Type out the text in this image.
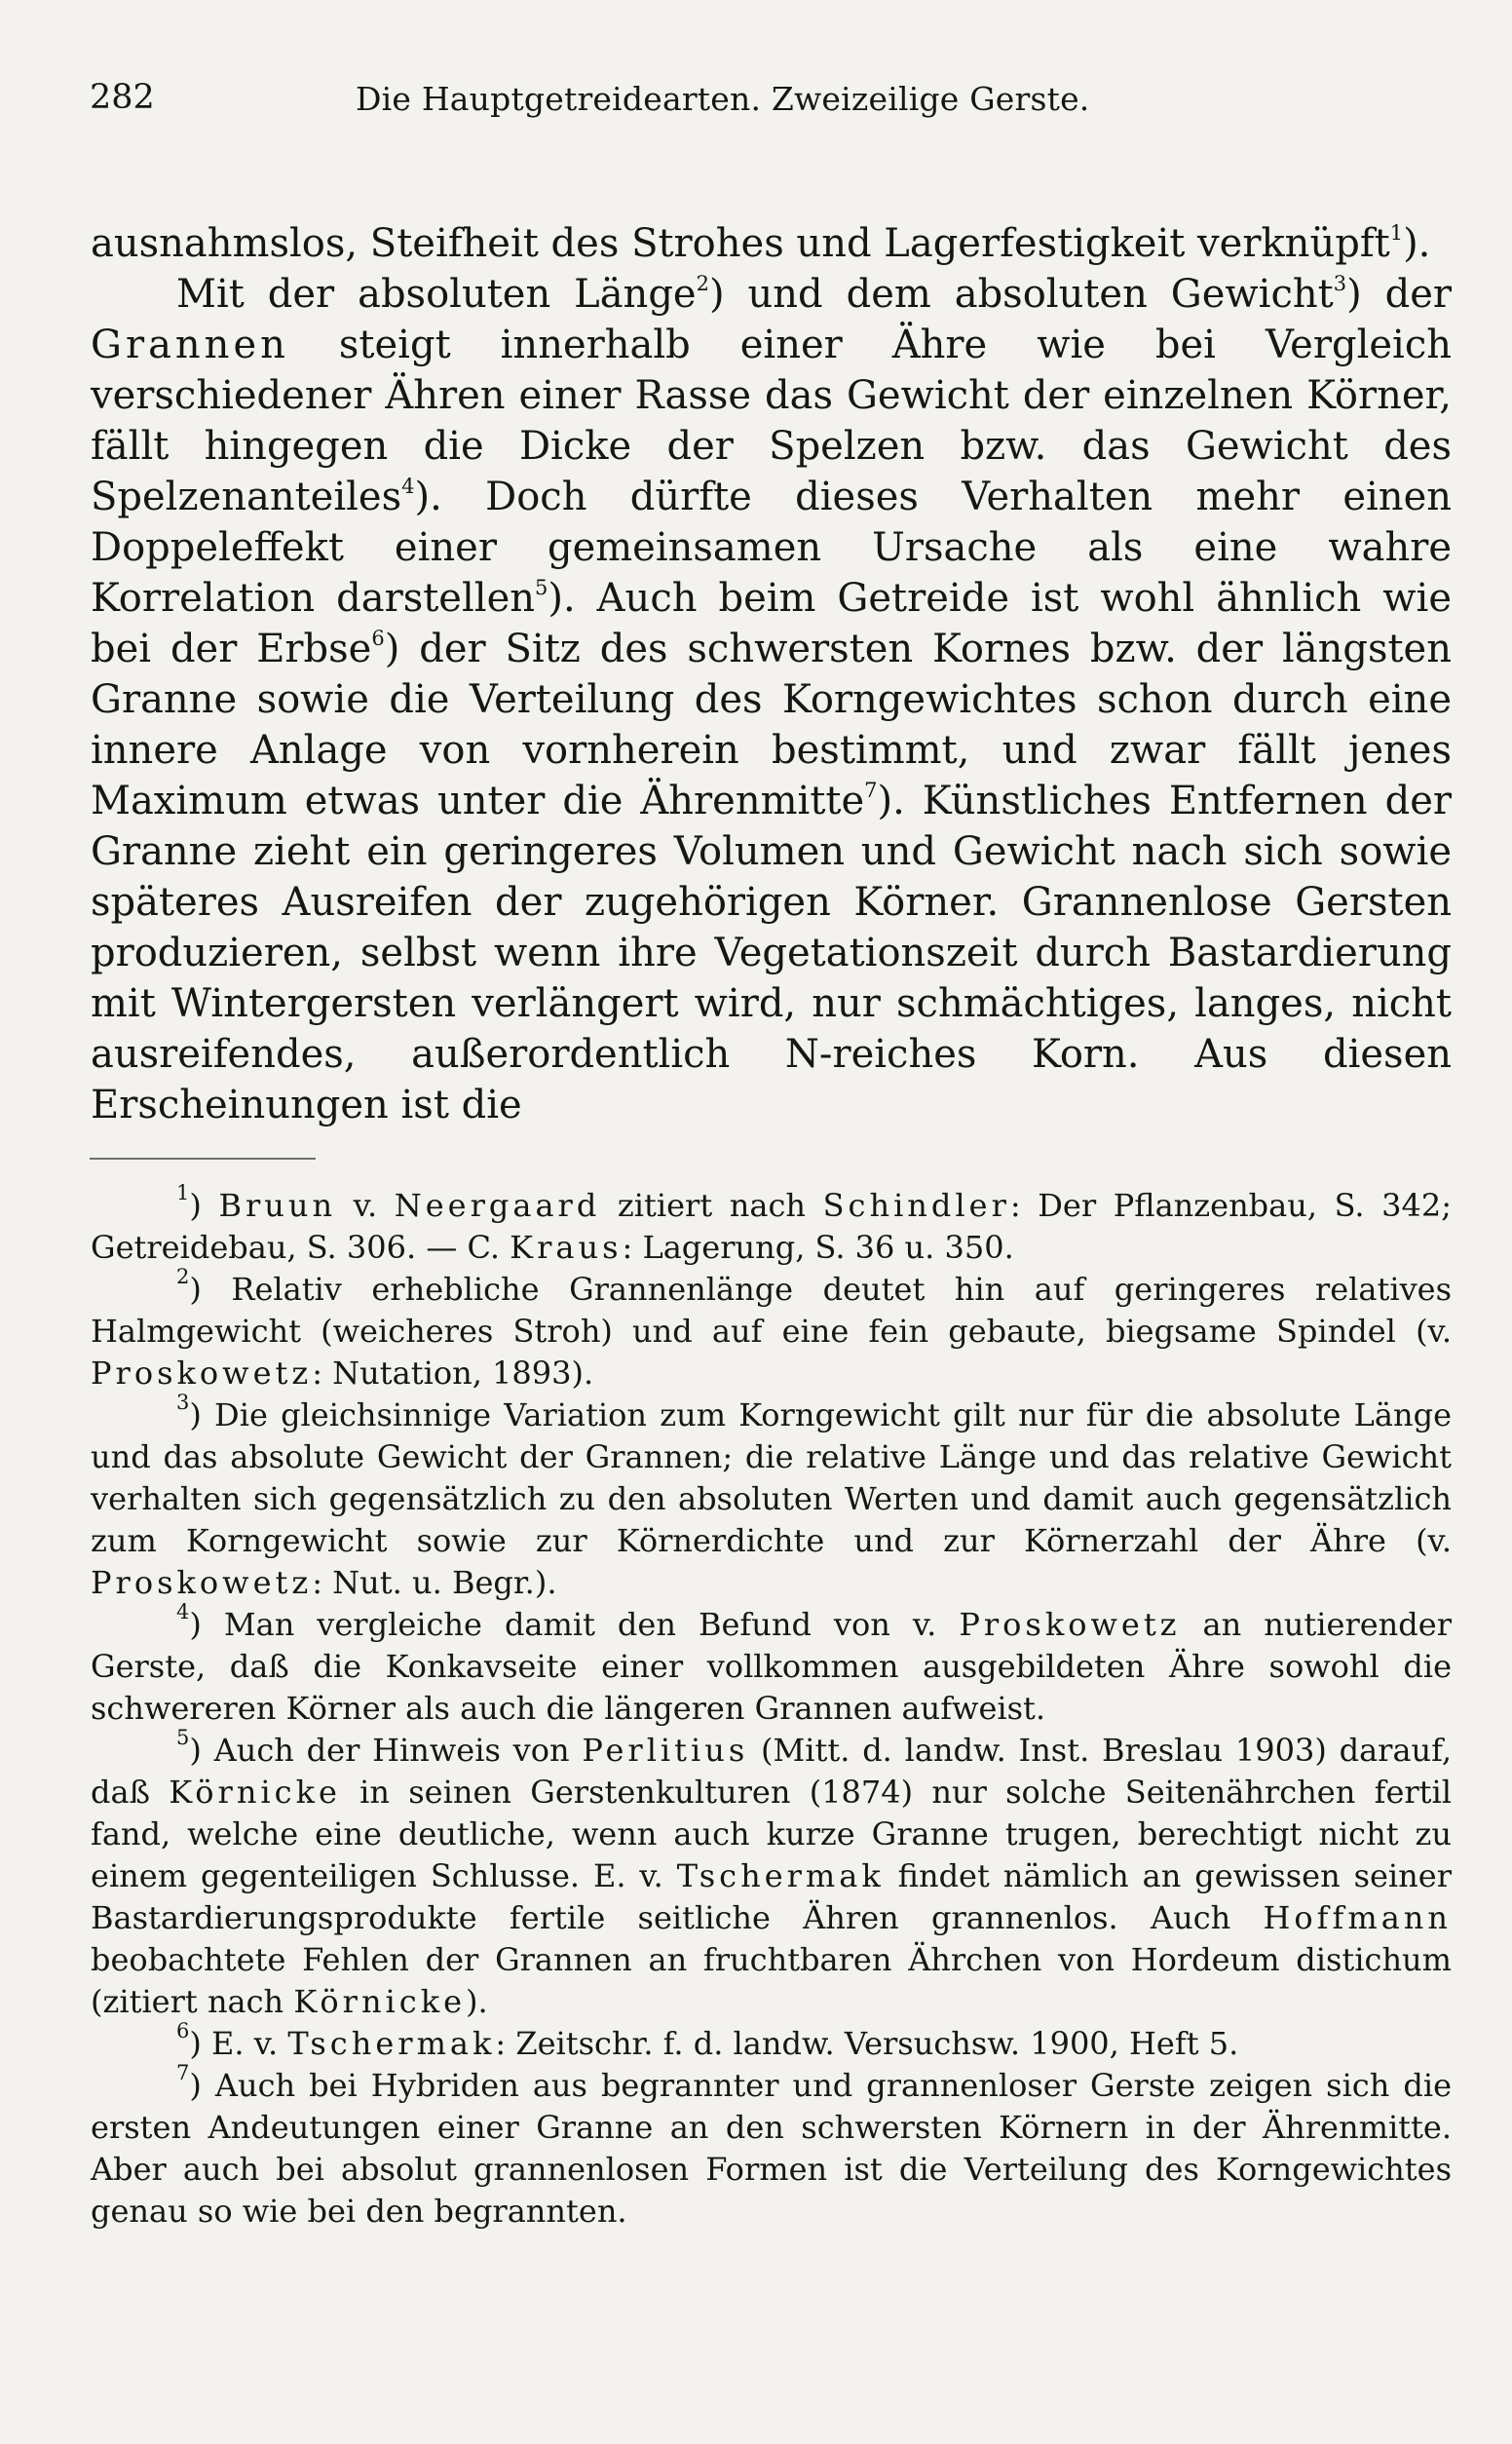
282	Die Hauptgetreidearten. Zweizeilige Gerste.

ausnahmslos, Steifheit des Strohes und Lagerfestigkeit verknüpft$^1$).

Mit der absoluten Länge$^2$) und dem absoluten Gewicht$^3$) der Grannen steigt innerhalb einer Ähre wie bei Vergleich verschiedener Ähren einer Rasse das Gewicht der einzelnen Körner, fällt hingegen die Dicke der Spelzen bzw. das Gewicht des Spelzenanteiles$^4$). Doch dürfte dieses Verhalten mehr einen Doppeleffekt einer gemeinsamen Ursache als eine wahre Korrelation darstellen$^5$). Auch beim Getreide ist wohl ähnlich wie bei der Erbse$^6$) der Sitz des schwersten Kornes bzw. der längsten Granne sowie die Verteilung des Korngewichtes schon durch eine innere Anlage von vornherein bestimmt, und zwar fällt jenes Maximum etwas unter die Ährenmitte$^7$). Künstliches Entfernen der Granne zieht ein geringeres Volumen und Gewicht nach sich sowie späteres Ausreifen der zugehörigen Körner. Grannenlose Gersten produzieren, selbst wenn ihre Vegetationszeit durch Bastardierung mit Wintergersten verlängert wird, nur schmächtiges, langes, nicht ausreifendes, außerordentlich N-reiches Korn. Aus diesen Erscheinungen ist die

$^1$) Bruun v. Neergaard zitiert nach Schindler: Der Pflanzenbau, S. 342; Getreidebau, S. 306. — C. Kraus: Lagerung, S. 36 u. 350.

$^2$) Relativ erhebliche Grannenlänge deutet hin auf geringeres relatives Halmgewicht (weicheres Stroh) und auf eine fein gebaute, biegsame Spindel (v. Proskowetz: Nutation, 1893).

$^3$) Die gleichsinnige Variation zum Korngewicht gilt nur für die absolute Länge und das absolute Gewicht der Grannen; die relative Länge und das relative Gewicht verhalten sich gegensätzlich zu den absoluten Werten und damit auch gegensätzlich zum Korngewicht sowie zur Körnerdichte und zur Körnerzahl der Ähre (v. Proskowetz: Nut. u. Begr.).

$^4$) Man vergleiche damit den Befund von v. Proskowetz an nutierender Gerste, daß die Konkavseite einer vollkommen ausgebildeten Ähre sowohl die schwereren Körner als auch die längeren Grannen aufweist.

$^5$) Auch der Hinweis von Perlitius (Mitt. d. landw. Inst. Breslau 1903) darauf, daß Körnicke in seinen Gerstenkulturen (1874) nur solche Seitenährchen fertil fand, welche eine deutliche, wenn auch kurze Granne trugen, berechtigt nicht zu einem gegenteiligen Schlusse. E. v. Tschermak findet nämlich an gewissen seiner Bastardierungsprodukte fertile seitliche Ähren grannenlos. Auch Hoffmann beobachtete Fehlen der Grannen an fruchtbaren Ährchen von Hordeum distichum (zitiert nach Körnicke).

$^6$) E. v. Tschermak: Zeitschr. f. d. landw. Versuchsw. 1900, Heft 5.

$^7$) Auch bei Hybriden aus begrannter und grannenloser Gerste zeigen sich die ersten Andeutungen einer Granne an den schwersten Körnern in der Ährenmitte. Aber auch bei absolut grannenlosen Formen ist die Verteilung des Korngewichtes genau so wie bei den begrannten.
